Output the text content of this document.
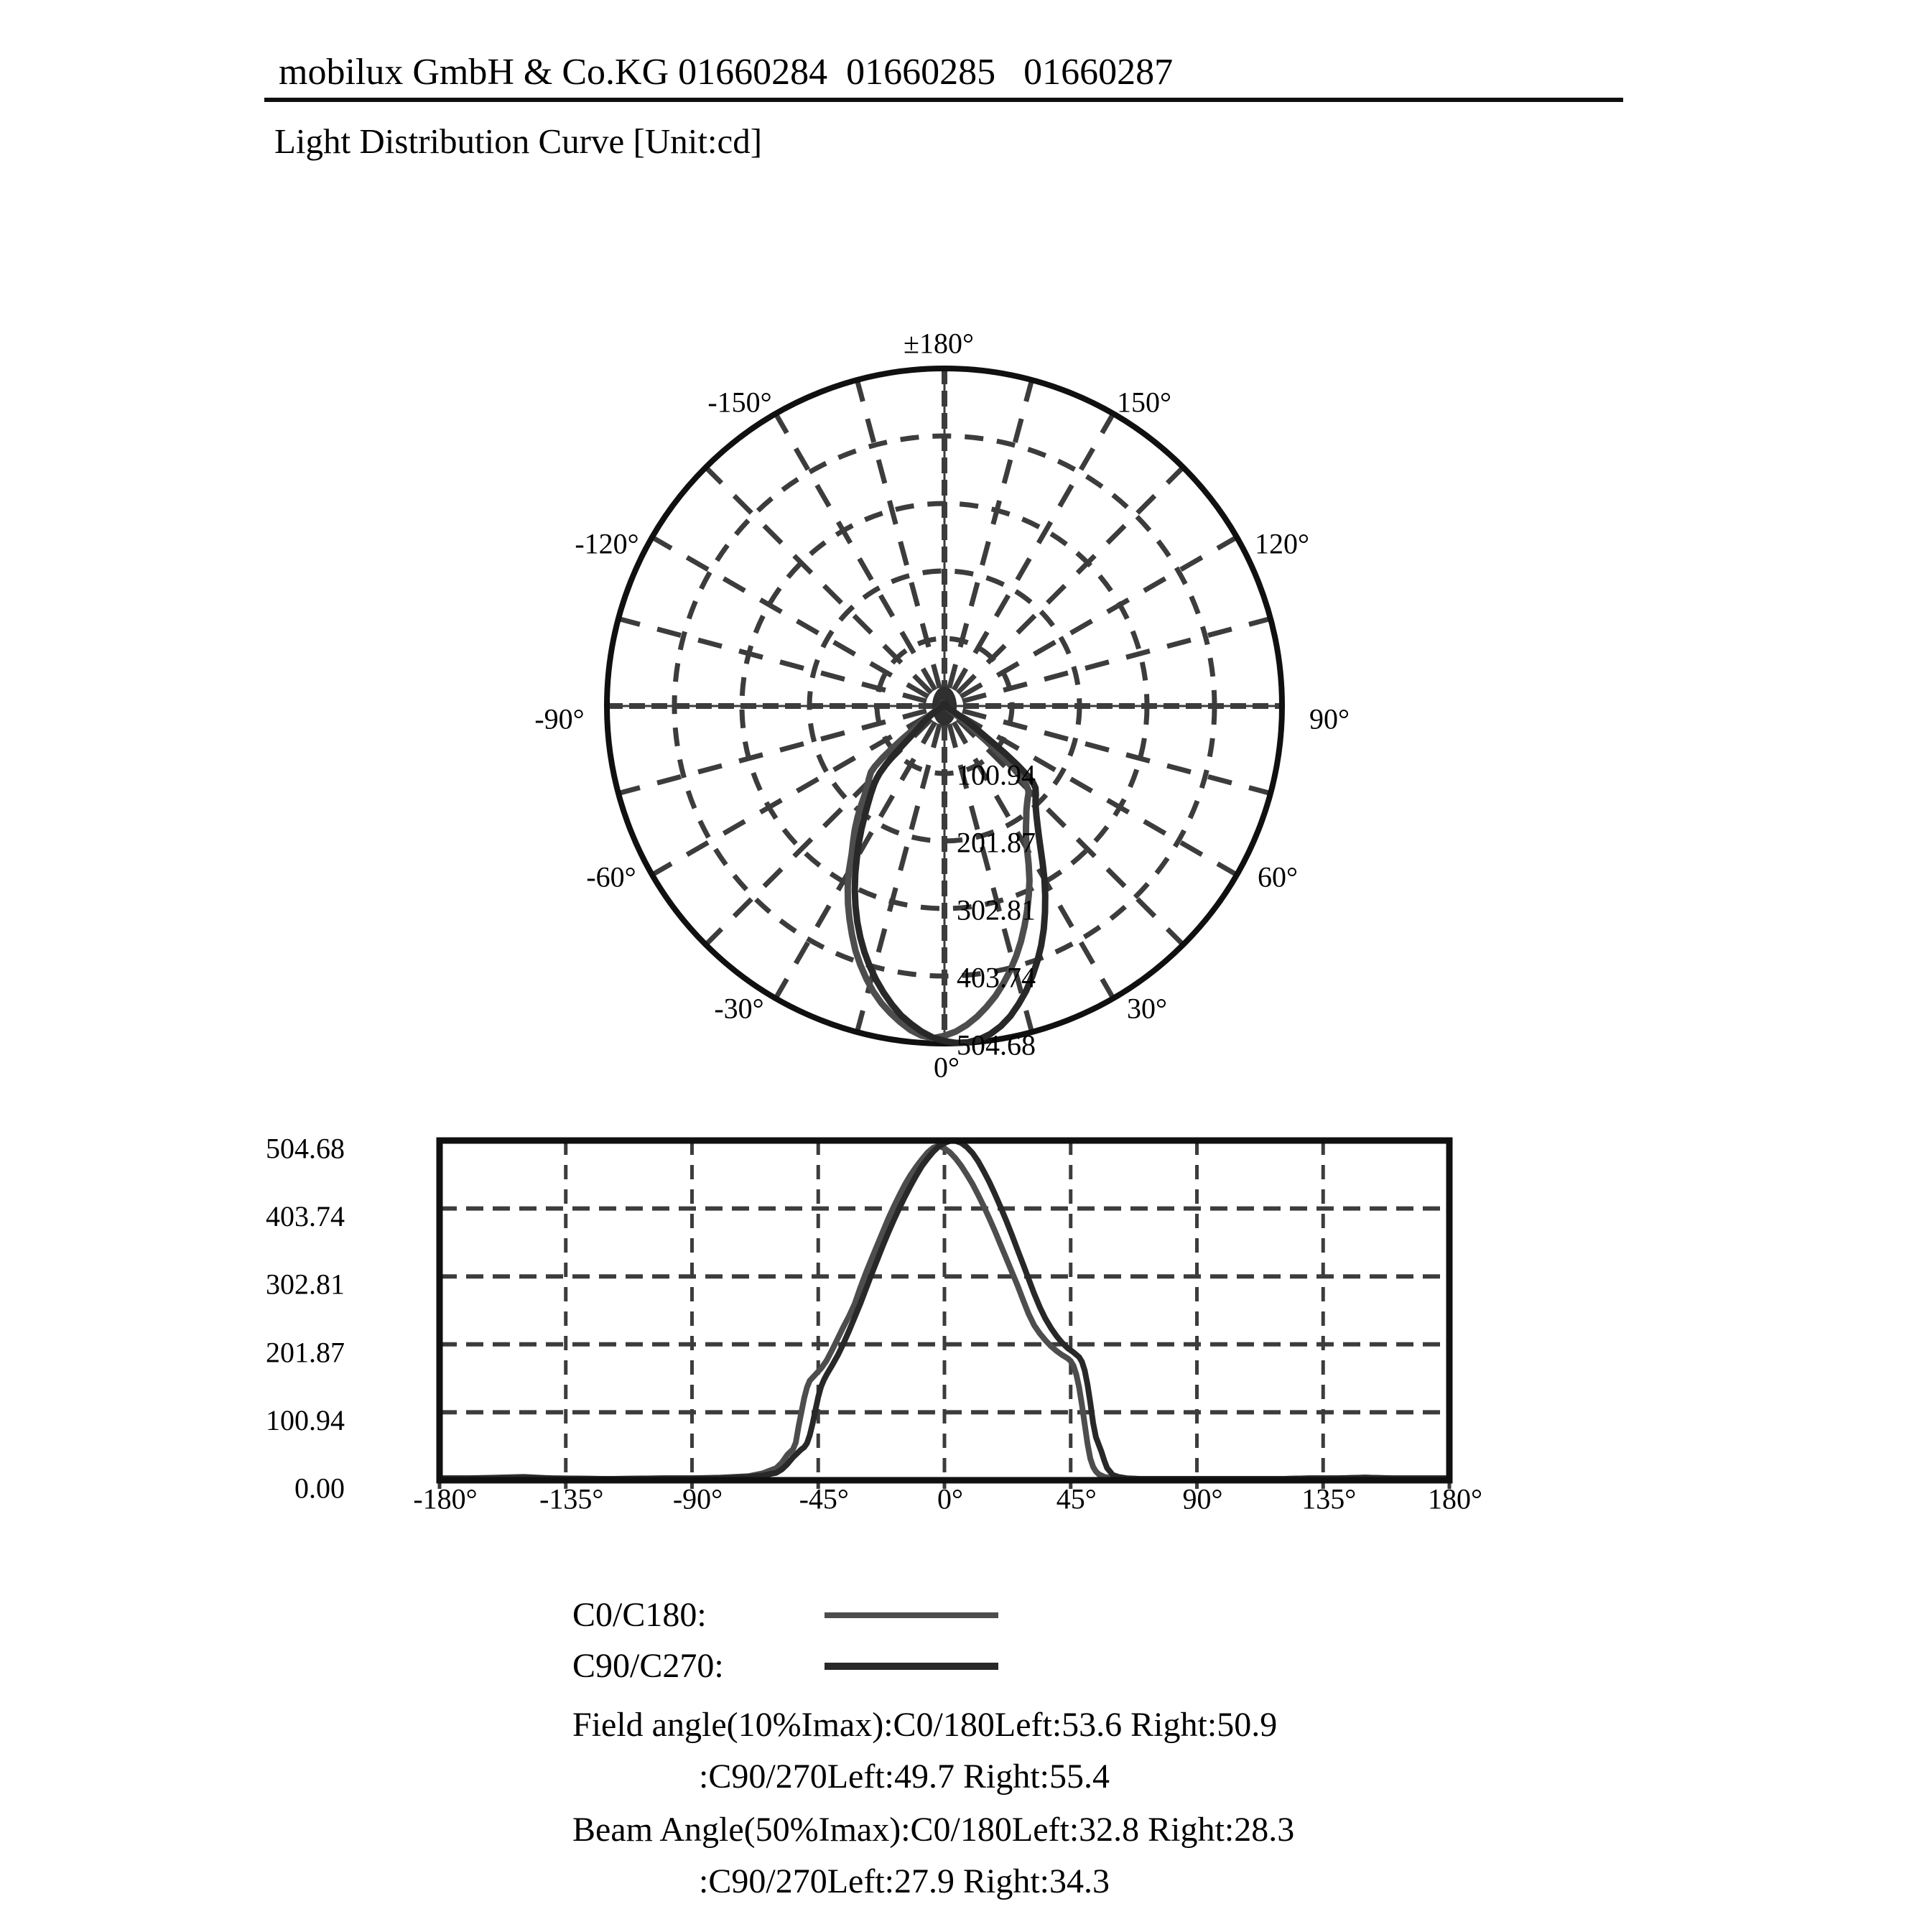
mobilux GmbH & Co.KG 01660284  01660285   01660287
Light Distribution Curve [Unit:cd]
±180°
-150°	150°
-120°	120°
-90°	90°
-60°	60°
-30°	30°
0°
100.94
201.87
302.81
403.74
504.68
0.00
100.94
201.87
302.81
403.74
504.68
-180° -135° -90°	-45°	0°	45°	90°	135° 180°
C0/C180:
C90/C270:
Field angle(10%Imax):C0/180Left:53.6 Right:50.9
:C90/270Left:49.7 Right:55.4
Beam Angle(50%Imax):C0/180Left:32.8 Right:28.3
:C90/270Left:27.9 Right:34.3
